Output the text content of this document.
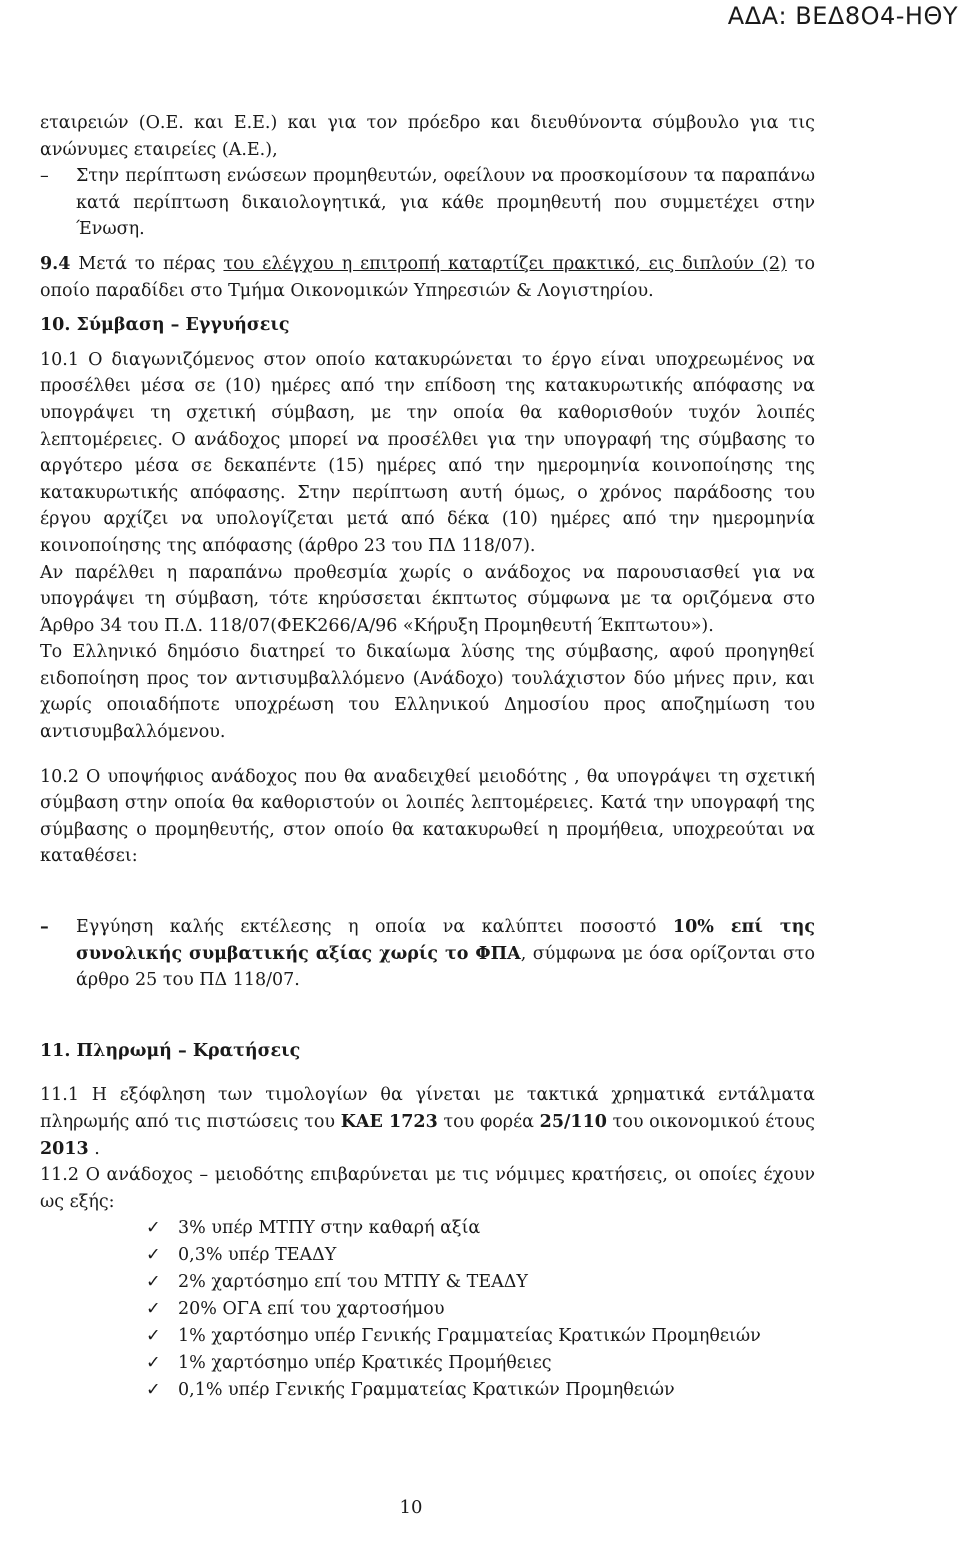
ΑΔΑ: ΒΕΔ8Ο4-ΗΘΥ

εταιρειών (Ο.Ε. και Ε.Ε.) και για τον πρόεδρο και διευθύνοντα σύμβουλο για τις ανώνυμες εταιρείες (Α.Ε.),

– Στην περίπτωση ενώσεων προμηθευτών, οφείλουν να προσκομίσουν τα παραπάνω κατά περίπτωση δικαιολογητικά, για κάθε προμηθευτή που συμμετέχει στην Ένωση.

9.4 Μετά το πέρας του ελέγχου η επιτροπή καταρτίζει πρακτικό, εις διπλούν (2) το οποίο παραδίδει στο Τμήμα Οικονομικών Υπηρεσιών & Λογιστηρίου.

10. Σύμβαση – Εγγυήσεις

10.1 Ο διαγωνιζόμενος στον οποίο κατακυρώνεται το έργο είναι υποχρεωμένος να προσέλθει μέσα σε (10) ημέρες από την επίδοση της κατακυρωτικής απόφασης να υπογράψει τη σχετική σύμβαση, με την οποία θα καθορισθούν τυχόν λοιπές λεπτομέρειες. Ο ανάδοχος μπορεί να προσέλθει για την υπογραφή της σύμβασης το αργότερο μέσα σε δεκαπέντε (15) ημέρες από την ημερομηνία κοινοποίησης της κατακυρωτικής απόφασης. Στην περίπτωση αυτή όμως, ο χρόνος παράδοσης του έργου αρχίζει να υπολογίζεται μετά από δέκα (10) ημέρες από την ημερομηνία κοινοποίησης της απόφασης (άρθρο 23 του ΠΔ 118/07).

Αν παρέλθει η παραπάνω προθεσμία χωρίς ο ανάδοχος να παρουσιασθεί για να υπογράψει τη σύμβαση, τότε κηρύσσεται έκπτωτος σύμφωνα με τα οριζόμενα στο Άρθρο 34 του Π.Δ. 118/07(ΦΕΚ266/Α/96 «Κήρυξη Προμηθευτή Έκπτωτου»).

Το Ελληνικό δημόσιο διατηρεί το δικαίωμα λύσης της σύμβασης, αφού προηγηθεί ειδοποίηση προς τον αντισυμβαλλόμενο (Ανάδοχο) τουλάχιστον δύο μήνες πριν, και χωρίς οποιαδήποτε υποχρέωση του Ελληνικού Δημοσίου προς αποζημίωση του αντισυμβαλλόμενου.

10.2 Ο υποψήφιος ανάδοχος που θα αναδειχθεί μειοδότης , θα υπογράψει τη σχετική σύμβαση στην οποία θα καθοριστούν οι λοιπές λεπτομέρειες. Κατά την υπογραφή της σύμβασης ο προμηθευτής, στον οποίο θα κατακυρωθεί η προμήθεια, υποχρεούται να καταθέσει:

– Εγγύηση καλής εκτέλεσης η οποία να καλύπτει ποσοστό 10% επί της συνολικής συμβατικής αξίας χωρίς το ΦΠΑ, σύμφωνα με όσα ορίζονται στο άρθρο 25 του ΠΔ 118/07.

11. Πληρωμή – Κρατήσεις

11.1 Η εξόφληση των τιμολογίων θα γίνεται με τακτικά χρηματικά εντάλματα πληρωμής από τις πιστώσεις του ΚΑΕ 1723 του φορέα 25/110 του οικονομικού έτους 2013 .

11.2 Ο ανάδοχος – μειοδότης επιβαρύνεται με τις νόμιμες κρατήσεις, οι οποίες έχουν ως εξής:

✓ 3% υπέρ ΜΤΠΥ στην καθαρή αξία
✓ 0,3% υπέρ ΤΕΑΔΥ
✓ 2% χαρτόσημο επί του ΜΤΠΥ & ΤΕΑΔΥ
✓ 20% ΟΓΑ επί του χαρτοσήμου
✓ 1% χαρτόσημο υπέρ Γενικής Γραμματείας Κρατικών Προμηθειών
✓ 1% χαρτόσημο υπέρ Κρατικές Προμήθειες
✓ 0,1% υπέρ Γενικής Γραμματείας Κρατικών Προμηθειών
10
